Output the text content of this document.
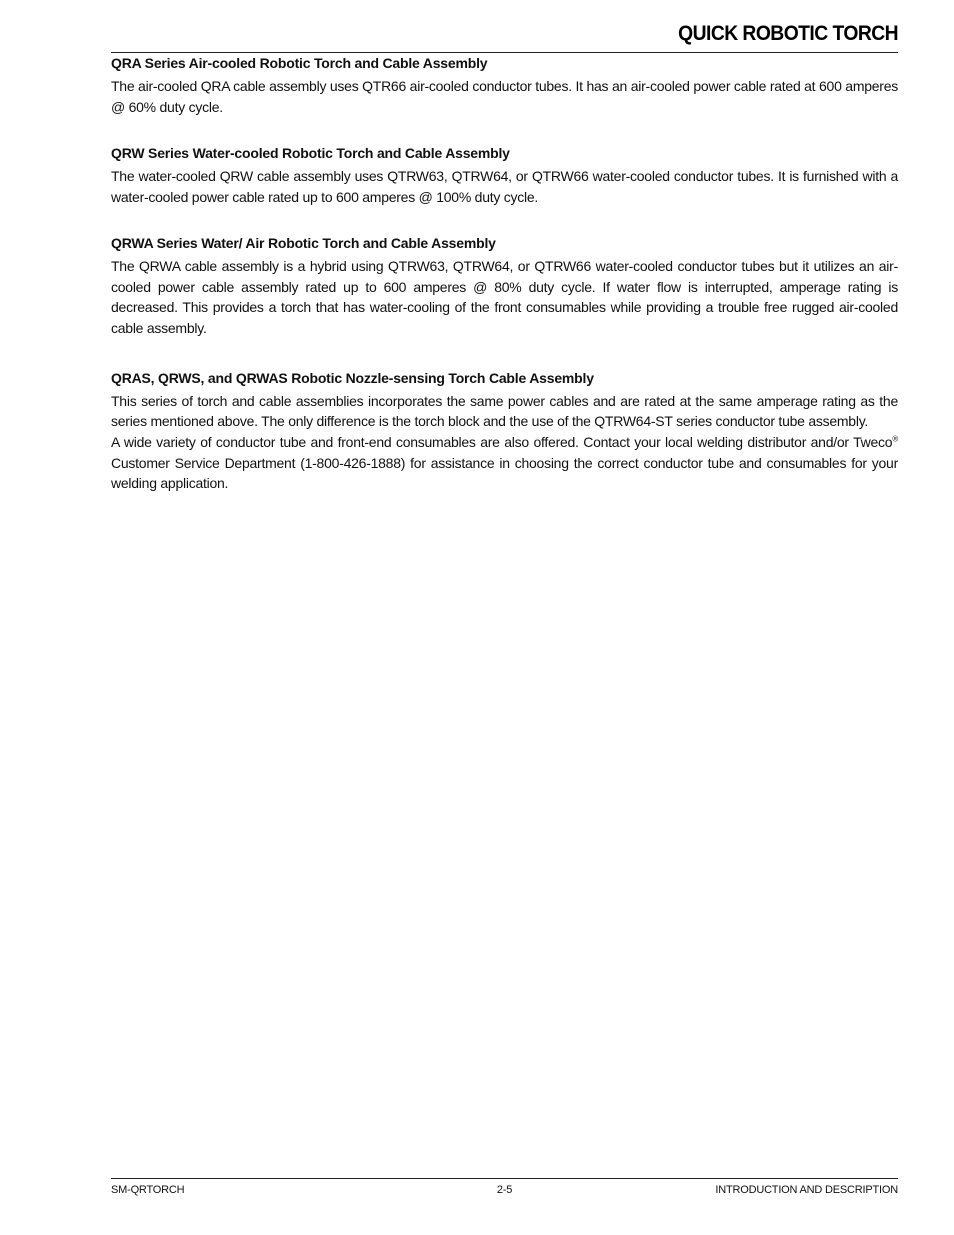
QUICK ROBOTIC TORCH
QRA Series Air-cooled Robotic Torch and Cable Assembly

The air-cooled QRA cable assembly uses QTR66 air-cooled conductor tubes. It has an air-cooled power cable rated at 600 amperes @ 60% duty cycle.

QRW Series Water-cooled Robotic Torch and Cable Assembly

The water-cooled QRW cable assembly uses QTRW63, QTRW64, or QTRW66 water-cooled conductor tubes. It is furnished with a water-cooled power cable rated up to 600 amperes @ 100% duty cycle.

QRWA Series Water/ Air Robotic Torch and Cable Assembly

The QRWA cable assembly is a hybrid using QTRW63, QTRW64, or QTRW66 water-cooled conductor tubes but it utilizes an air-cooled power cable assembly rated up to 600 amperes @ 80% duty cycle. If water flow is interrupted, amperage rating is decreased. This provides a torch that has water-cooling of the front consumables while providing a trouble free rugged air-cooled cable assembly.

QRAS, QRWS, and QRWAS Robotic Nozzle-sensing Torch Cable Assembly

This series of torch and cable assemblies incorporates the same power cables and are rated at the same amperage rating as the series mentioned above. The only difference is the torch block and the use of the QTRW64-ST series conductor tube assembly.

A wide variety of conductor tube and front-end consumables are also offered. Contact your local welding distributor and/or Tweco® Customer Service Department (1-800-426-1888) for assistance in choosing the correct conductor tube and consumables for your welding application.

SM-QRTORCH	2-5	INTRODUCTION AND DESCRIPTION
